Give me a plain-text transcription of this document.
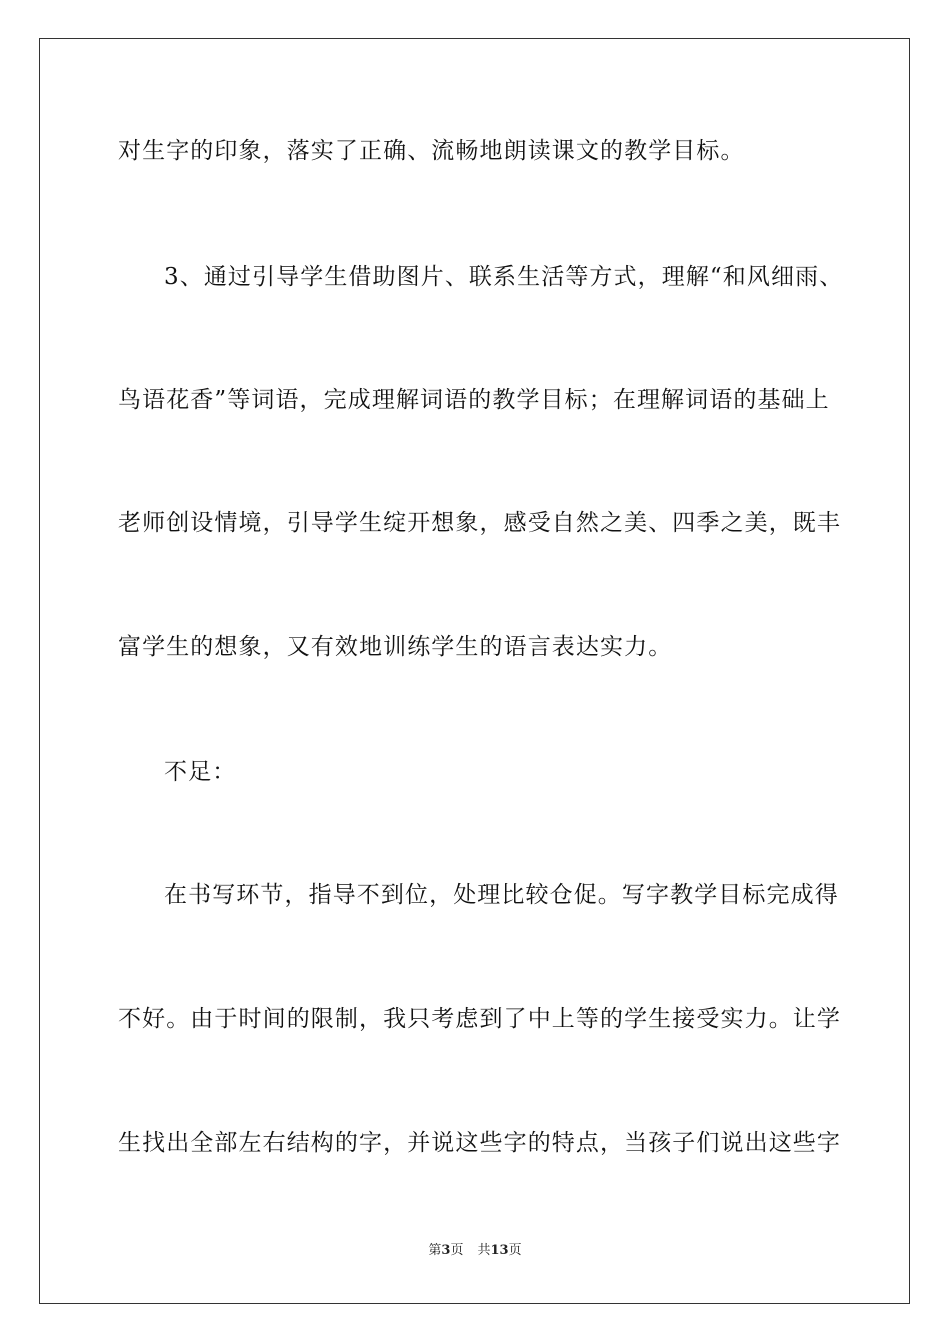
对生字的印象，落实了正确、流畅地朗读课文的教学目标。
3、通过引导学生借助图片、联系生活等方式，理解“和风细雨、
鸟语花香”等词语，完成理解词语的教学目标；在理解词语的基础上
老师创设情境，引导学生绽开想象，感受自然之美、四季之美，既丰
富学生的想象，又有效地训练学生的语言表达实力。
不足：
在书写环节，指导不到位，处理比较仓促。写字教学目标完成得
不好。由于时间的限制，我只考虑到了中上等的学生接受实力。让学
生找出全部左右结构的字，并说这些字的特点，当孩子们说出这些字
第3页 共13页
